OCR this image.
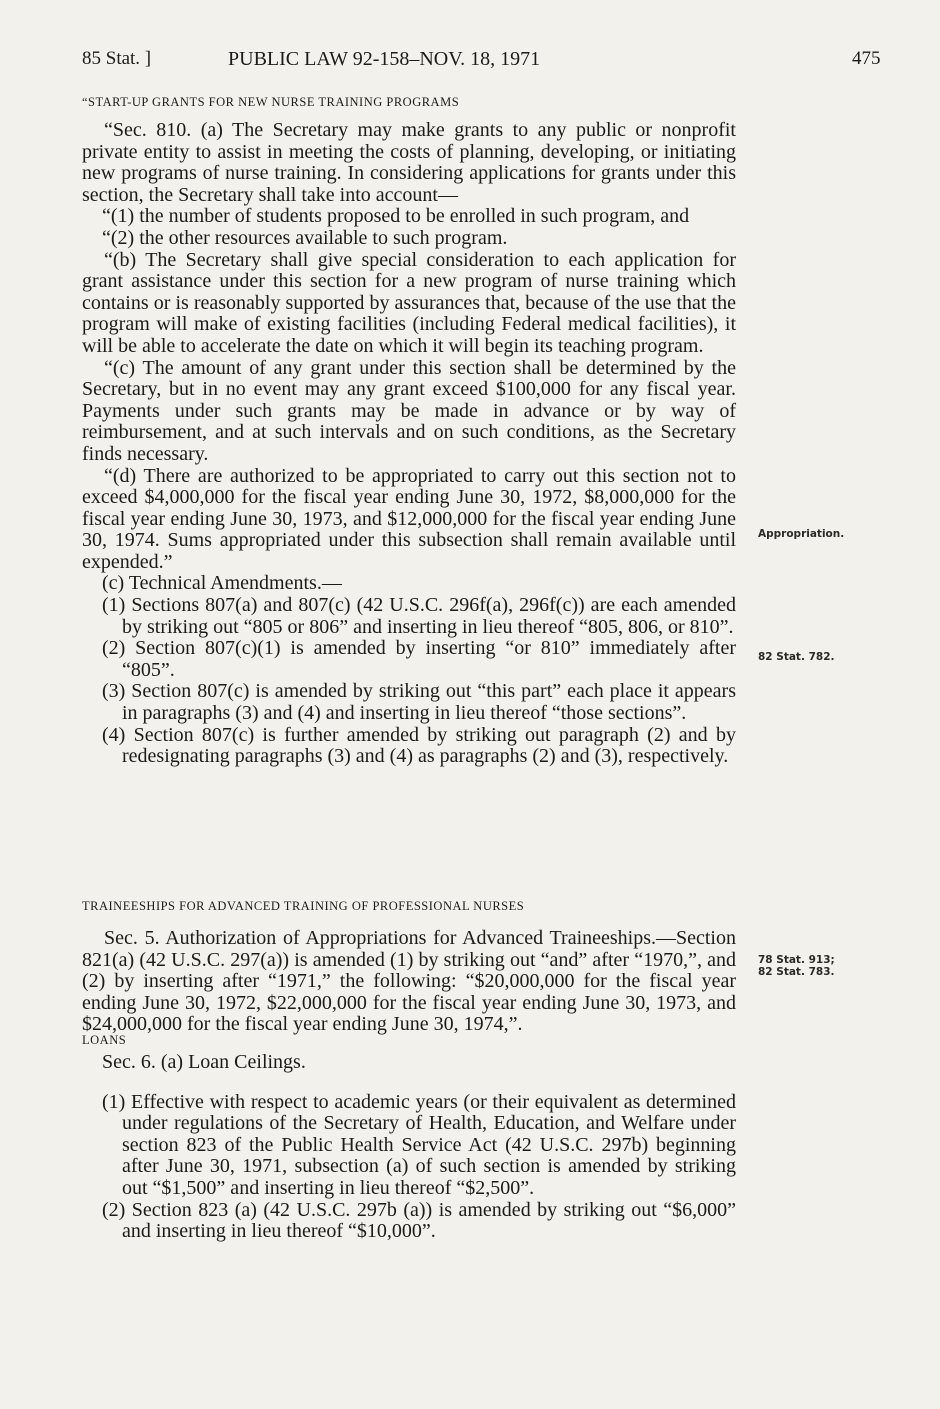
85 Stat. ]	PUBLIC LAW 92-158–NOV. 18, 1971	475

“START-UP GRANTS FOR NEW NURSE TRAINING PROGRAMS

“Sec. 810. (a) The Secretary may make grants to any public or nonprofit private entity to assist in meeting the costs of planning, developing, or initiating new programs of nurse training. In considering applications for grants under this section, the Secretary shall take into account—

“(1) the number of students proposed to be enrolled in such program, and

“(2) the other resources available to such program.

“(b) The Secretary shall give special consideration to each application for grant assistance under this section for a new program of nurse training which contains or is reasonably supported by assurances that, because of the use that the program will make of existing facilities (including Federal medical facilities), it will be able to accelerate the date on which it will begin its teaching program.

“(c) The amount of any grant under this section shall be determined by the Secretary, but in no event may any grant exceed $100,000 for any fiscal year. Payments under such grants may be made in advance or by way of reimbursement, and at such intervals and on such conditions, as the Secretary finds necessary.

“(d) There are authorized to be appropriated to carry out this section not to exceed $4,000,000 for the fiscal year ending June 30, 1972, $8,000,000 for the fiscal year ending June 30, 1973, and $12,000,000 for the fiscal year ending June 30, 1974. Sums appropriated under this subsection shall remain available until expended.”

(c) Technical Amendments.—

(1) Sections 807(a) and 807(c) (42 U.S.C. 296f(a), 296f(c)) are each amended by striking out “805 or 806” and inserting in lieu thereof “805, 806, or 810”.

(2) Section 807(c)(1) is amended by inserting “or 810” immediately after “805”.

(3) Section 807(c) is amended by striking out “this part” each place it appears in paragraphs (3) and (4) and inserting in lieu thereof “those sections”.

(4) Section 807(c) is further amended by striking out paragraph (2) and by redesignating paragraphs (3) and (4) as paragraphs (2) and (3), respectively.

TRAINEESHIPS FOR ADVANCED TRAINING OF PROFESSIONAL NURSES

Sec. 5. Authorization of Appropriations for Advanced Traineeships.—Section 821(a) (42 U.S.C. 297(a)) is amended (1) by striking out “and” after “1970,”, and (2) by inserting after “1971,” the following: “$20,000,000 for the fiscal year ending June 30, 1972, $22,000,000 for the fiscal year ending June 30, 1973, and $24,000,000 for the fiscal year ending June 30, 1974,”.

LOANS

Sec. 6. (a) Loan Ceilings.

(1) Effective with respect to academic years (or their equivalent as determined under regulations of the Secretary of Health, Education, and Welfare under section 823 of the Public Health Service Act (42 U.S.C. 297b) beginning after June 30, 1971, subsection (a) of such section is amended by striking out “$1,500” and inserting in lieu thereof “$2,500”.

(2) Section 823 (a) (42 U.S.C. 297b (a)) is amended by striking out “$6,000” and inserting in lieu thereof “$10,000”.

Appropriation.
82 Stat. 782.
78 Stat. 913;
82 Stat. 783.
